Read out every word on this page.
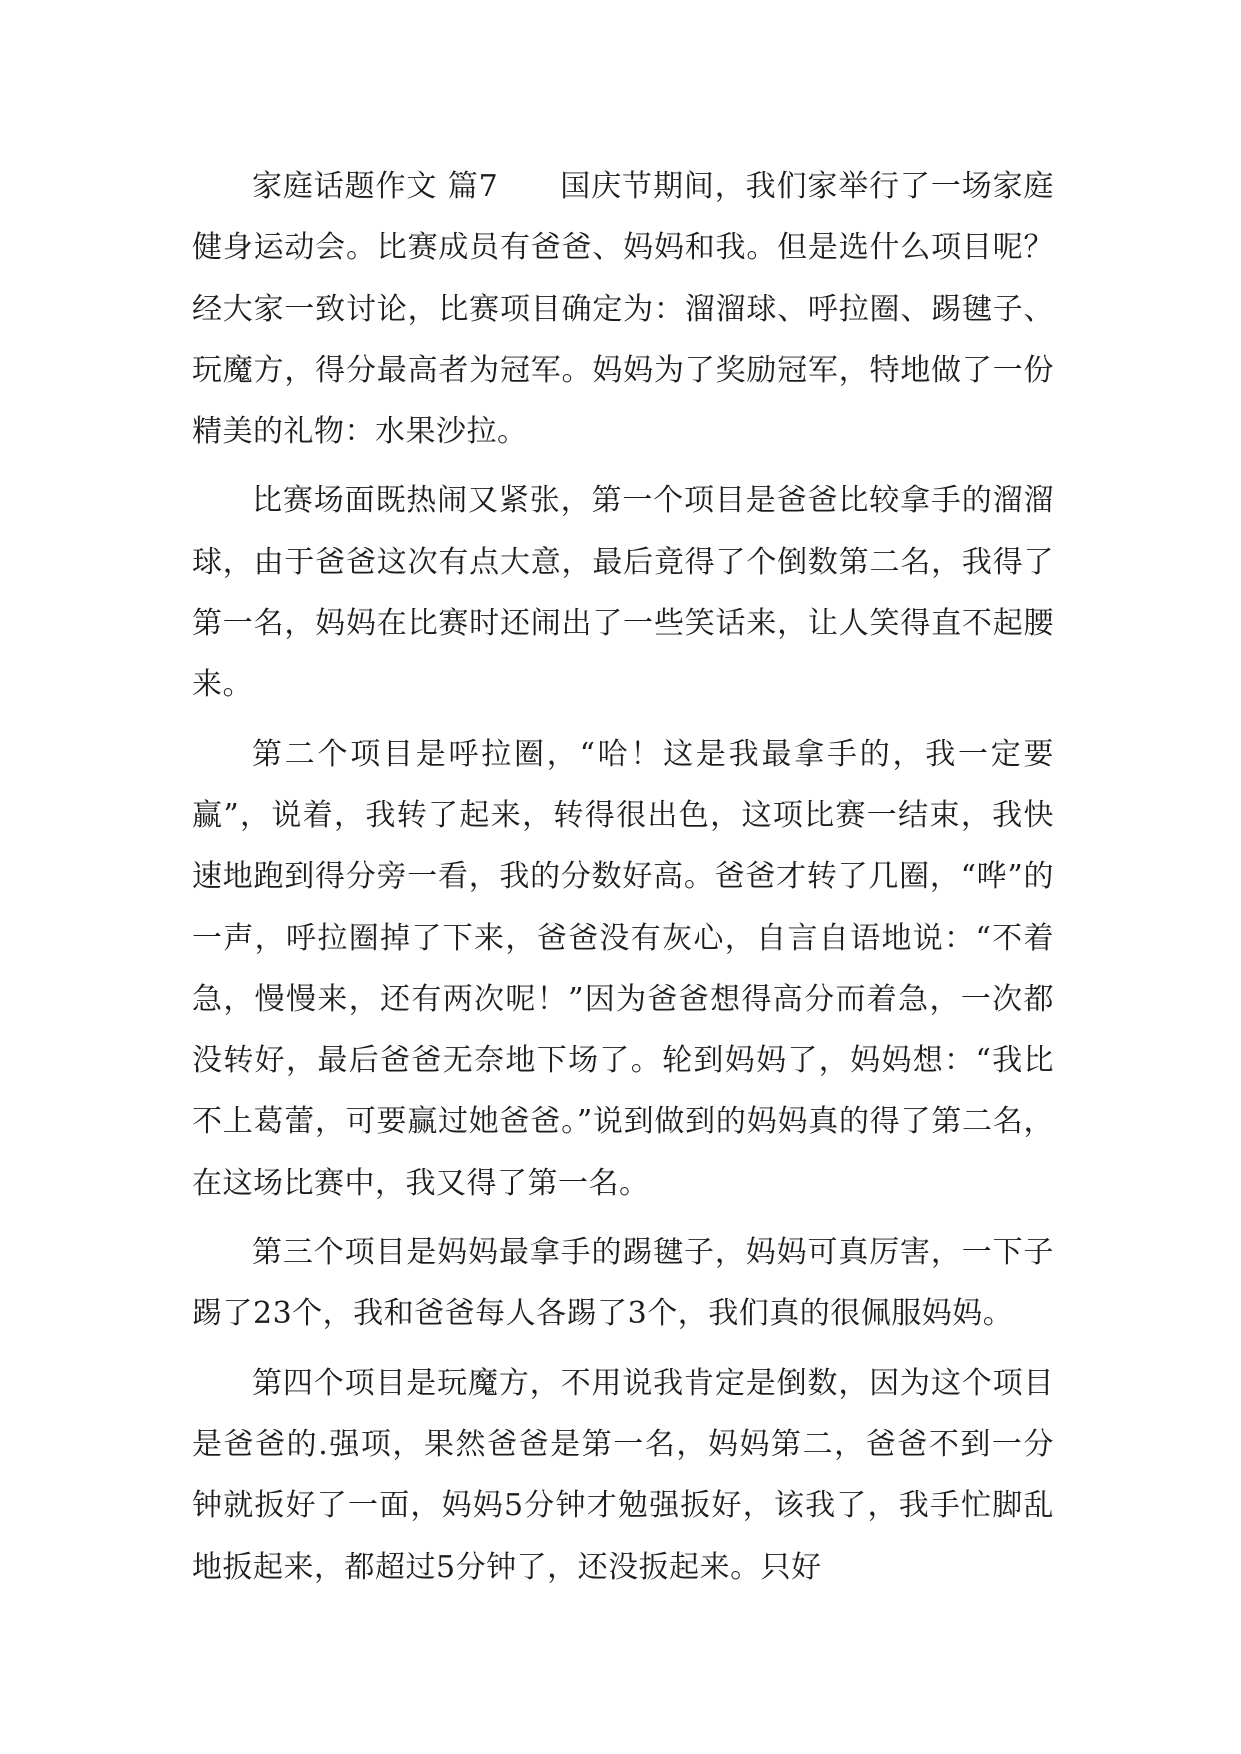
家庭话题作文 篇7　　国庆节期间，我们家举行了一场家庭健身运动会。比赛成员有爸爸、妈妈和我。但是选什么项目呢？经大家一致讨论，比赛项目确定为：溜溜球、呼拉圈、踢毽子、玩魔方，得分最高者为冠军。妈妈为了奖励冠军，特地做了一份精美的礼物：水果沙拉。

比赛场面既热闹又紧张，第一个项目是爸爸比较拿手的溜溜球，由于爸爸这次有点大意，最后竟得了个倒数第二名，我得了第一名，妈妈在比赛时还闹出了一些笑话来，让人笑得直不起腰来。

第二个项目是呼拉圈，“哈！这是我最拿手的，我一定要赢”，说着，我转了起来，转得很出色，这项比赛一结束，我快速地跑到得分旁一看，我的分数好高。爸爸才转了几圈，“哗”的一声，呼拉圈掉了下来，爸爸没有灰心，自言自语地说：“不着急，慢慢来，还有两次呢！”因为爸爸想得高分而着急，一次都没转好，最后爸爸无奈地下场了。轮到妈妈了，妈妈想：“我比不上葛蕾，可要赢过她爸爸。”说到做到的妈妈真的得了第二名，在这场比赛中，我又得了第一名。

第三个项目是妈妈最拿手的踢毽子，妈妈可真厉害，一下子踢了23个，我和爸爸每人各踢了3个，我们真的很佩服妈妈。

第四个项目是玩魔方，不用说我肯定是倒数，因为这个项目是爸爸的.强项，果然爸爸是第一名，妈妈第二，爸爸不到一分钟就扳好了一面，妈妈5分钟才勉强扳好，该我了，我手忙脚乱地扳起来，都超过5分钟了，还没扳起来。只好
